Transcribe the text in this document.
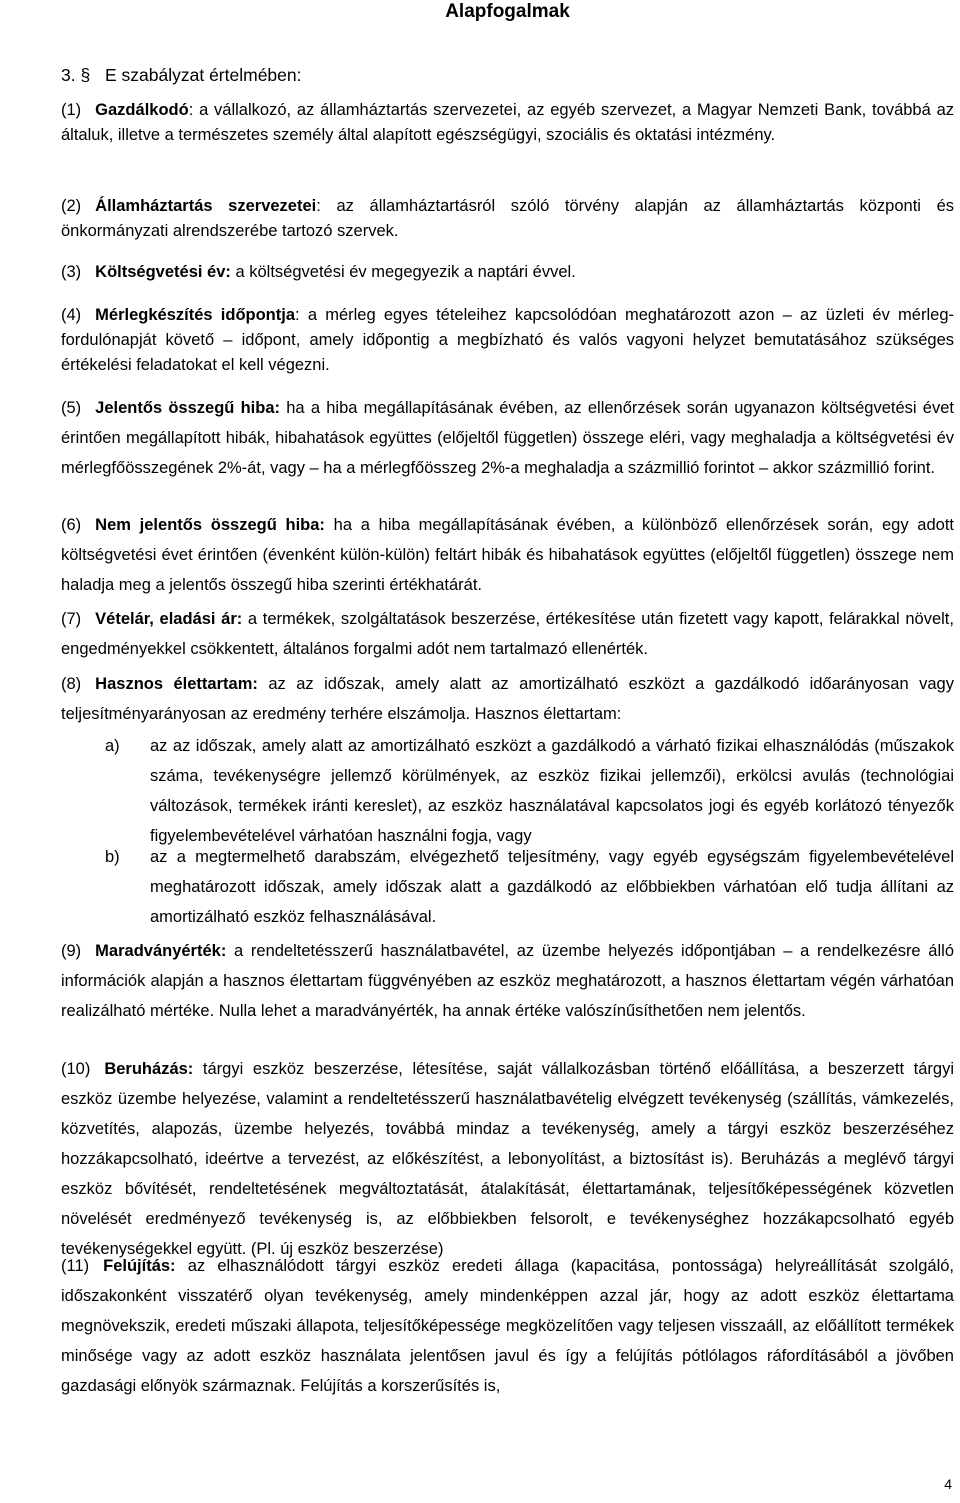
Alapfogalmak
3. § E szabályzat értelmében:

(1) Gazdálkodó: a vállalkozó, az államháztartás szervezetei, az egyéb szervezet, a Magyar Nemzeti Bank, továbbá az általuk, illetve a természetes személy által alapított egészségügyi, szociális és oktatási intézmény.

(2) Államháztartás szervezetei: az államháztartásról szóló törvény alapján az államháztartás központi és önkormányzati alrendszerébe tartozó szervek.

(3) Költségvetési év: a költségvetési év megegyezik a naptári évvel.

(4) Mérlegkészítés időpontja: a mérleg egyes tételeihez kapcsolódóan meghatározott azon – az üzleti év mérleg-fordulónapját követő – időpont, amely időpontig a megbízható és valós vagyoni helyzet bemutatásához szükséges értékelési feladatokat el kell végezni.

(5) Jelentős összegű hiba: ha a hiba megállapításának évében, az ellenőrzések során ugyanazon költségvetési évet érintően megállapított hibák, hibahatások együttes (előjeltől független) összege eléri, vagy meghaladja a költségvetési év mérlegfőösszegének 2%-át, vagy – ha a mérlegfőösszeg 2%-a meghaladja a százmillió forintot – akkor százmillió forint.

(6) Nem jelentős összegű hiba: ha a hiba megállapításának évében, a különböző ellenőrzések során, egy adott költségvetési évet érintően (évenként külön-külön) feltárt hibák és hibahatások együttes (előjeltől független) összege nem haladja meg a jelentős összegű hiba szerinti értékhatárát.

(7) Vételár, eladási ár: a termékek, szolgáltatások beszerzése, értékesítése után fizetett vagy kapott, felárakkal növelt, engedményekkel csökkentett, általános forgalmi adót nem tartalmazó ellenérték.

(8) Hasznos élettartam: az az időszak, amely alatt az amortizálható eszközt a gazdálkodó időarányosan vagy teljesítményarányosan az eredmény terhére elszámolja. Hasznos élettartam:

a) az az időszak, amely alatt az amortizálható eszközt a gazdálkodó a várható fizikai elhasználódás (műszakok száma, tevékenységre jellemző körülmények, az eszköz fizikai jellemzői), erkölcsi avulás (technológiai változások, termékek iránti kereslet), az eszköz használatával kapcsolatos jogi és egyéb korlátozó tényezők figyelembevételével várhatóan használni fogja, vagy
b) az a megtermelhető darabszám, elvégezhető teljesítmény, vagy egyéb egységszám figyelembevételével meghatározott időszak, amely időszak alatt a gazdálkodó az előbbiekben várhatóan elő tudja állítani az amortizálható eszköz felhasználásával.

(9) Maradványérték: a rendeltetésszerű használatbavétel, az üzembe helyezés időpontjában – a rendelkezésre álló információk alapján a hasznos élettartam függvényében az eszköz meghatározott, a hasznos élettartam végén várhatóan realizálható mértéke. Nulla lehet a maradványérték, ha annak értéke valószínűsíthetően nem jelentős.

(10) Beruházás: tárgyi eszköz beszerzése, létesítése, saját vállalkozásban történő előállítása, a beszerzett tárgyi eszköz üzembe helyezése, valamint a rendeltetésszerű használatbavételig elvégzett tevékenység (szállítás, vámkezelés, közvetítés, alapozás, üzembe helyezés, továbbá mindaz a tevékenység, amely a tárgyi eszköz beszerzéséhez hozzákapcsolható, ideértve a tervezést, az előkészítést, a lebonyolítást, a biztosítást is). Beruházás a meglévő tárgyi eszköz bővítését, rendeltetésének megváltoztatását, átalakítását, élettartamának, teljesítőképességének közvetlen növelését eredményező tevékenység is, az előbbiekben felsorolt, e tevékenységhez hozzákapcsolható egyéb tevékenységekkel együtt. (Pl. új eszköz beszerzése)

(11) Felújítás: az elhasználódott tárgyi eszköz eredeti állaga (kapacitása, pontossága) helyreállítását szolgáló, időszakonként visszatérő olyan tevékenység, amely mindenképpen azzal jár, hogy az adott eszköz élettartama megnövekszik, eredeti műszaki állapota, teljesítőképessége megközelítően vagy teljesen visszaáll, az előállított termékek minősége vagy az adott eszköz használata jelentősen javul és így a felújítás pótlólagos ráfordításából a jövőben gazdasági előnyök származnak. Felújítás a korszerűsítés is,

4
